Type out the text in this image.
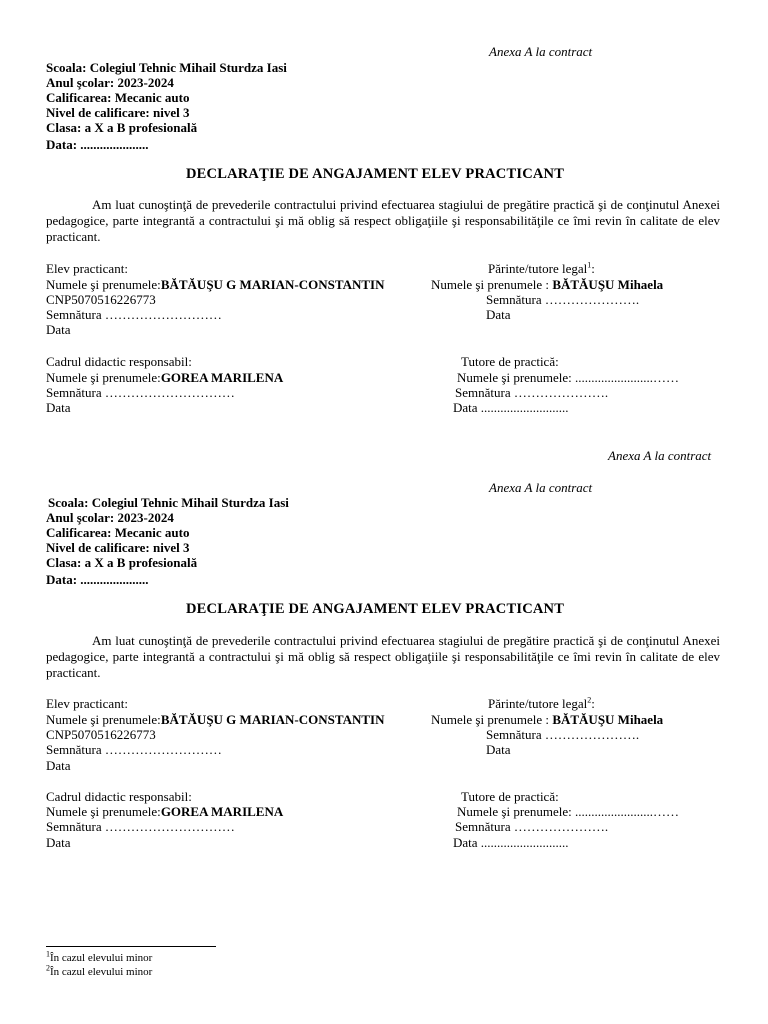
Anexa A la contract
Scoala: Colegiul Tehnic Mihail Sturdza Iasi
Anul şcolar: 2023-2024
Calificarea: Mecanic auto
Nivel de calificare: nivel 3
Clasa: a X a B profesională
Data: .....................
DECLARAŢIE DE ANGAJAMENT ELEV PRACTICANT
Am luat cunoştinţă de prevederile contractului privind efectuarea stagiului de pregătire practică şi de conţinutul Anexei pedagogice, parte integrantă a contractului şi mă oblig să respect obligaţiile şi responsabilităţile ce îmi revin în calitate de elev practicant.
Elev practicant:	Părinte/tutore legal$^1$:
Numele şi prenumele:BĂTĂUŞU G MARIAN-CONSTANTIN	Numele şi prenumele : BĂTĂUŞU Mihaela
CNP5070516226773	Semnătura ………………….
Semnătura ………………………	Data
Data
Cadrul didactic responsabil:	Tutore de practică:
Numele şi prenumele:GOREA MARILENA	Numele şi prenumele: ........................……
Semnătura …………………………	Semnătura ………………….
Data	Data ...........................
Anexa A la contract
Anexa A la contract
Scoala: Colegiul Tehnic Mihail Sturdza Iasi
Anul şcolar: 2023-2024
Calificarea: Mecanic auto
Nivel de calificare: nivel 3
Clasa: a X a B profesională
Data: .....................
DECLARAŢIE DE ANGAJAMENT ELEV PRACTICANT
Am luat cunoştinţă de prevederile contractului privind efectuarea stagiului de pregătire practică şi de conţinutul Anexei pedagogice, parte integrantă a contractului şi mă oblig să respect obligaţiile şi responsabilităţile ce îmi revin în calitate de elev practicant.
Elev practicant:	Părinte/tutore legal$^2$:
Numele şi prenumele:BĂTĂUŞU G MARIAN-CONSTANTIN	Numele şi prenumele : BĂTĂUŞU Mihaela
CNP5070516226773	Semnătura ………………….
Semnătura ………………………	Data
Data
Cadrul didactic responsabil:	Tutore de practică:
Numele şi prenumele:GOREA MARILENA	Numele şi prenumele: ........................……
Semnătura …………………………	Semnătura ………………….
Data	Data ...........................
$^1$În cazul elevului minor
$^2$În cazul elevului minor
